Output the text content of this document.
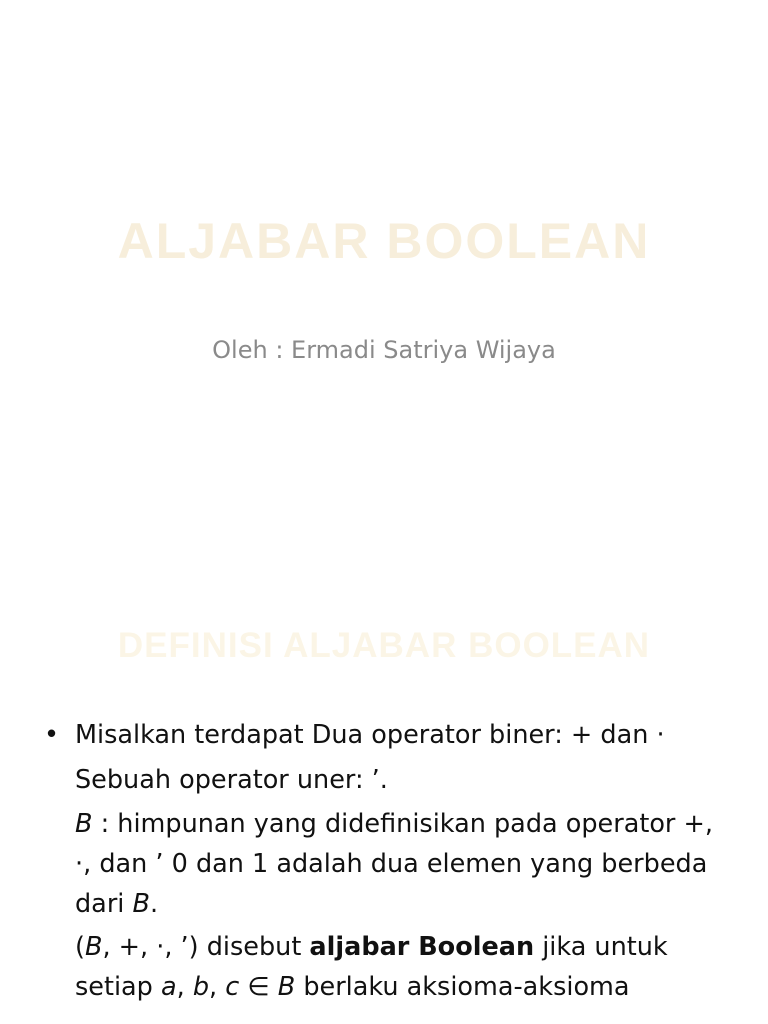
ALJABAR BOOLEAN

Oleh : Ermadi Satriya Wijaya

DEFINISI ALJABAR BOOLEAN
• Misalkan terdapat Dua operator biner: + dan ·

Sebuah operator uner: ’.

B : himpunan yang didefinisikan pada operator +, ·, dan ’ 0 dan 1 adalah dua elemen yang berbeda dari B.

(B, +, ·, ’) disebut aljabar Boolean jika untuk setiap a, b, c ∈ B berlaku aksioma-aksioma
